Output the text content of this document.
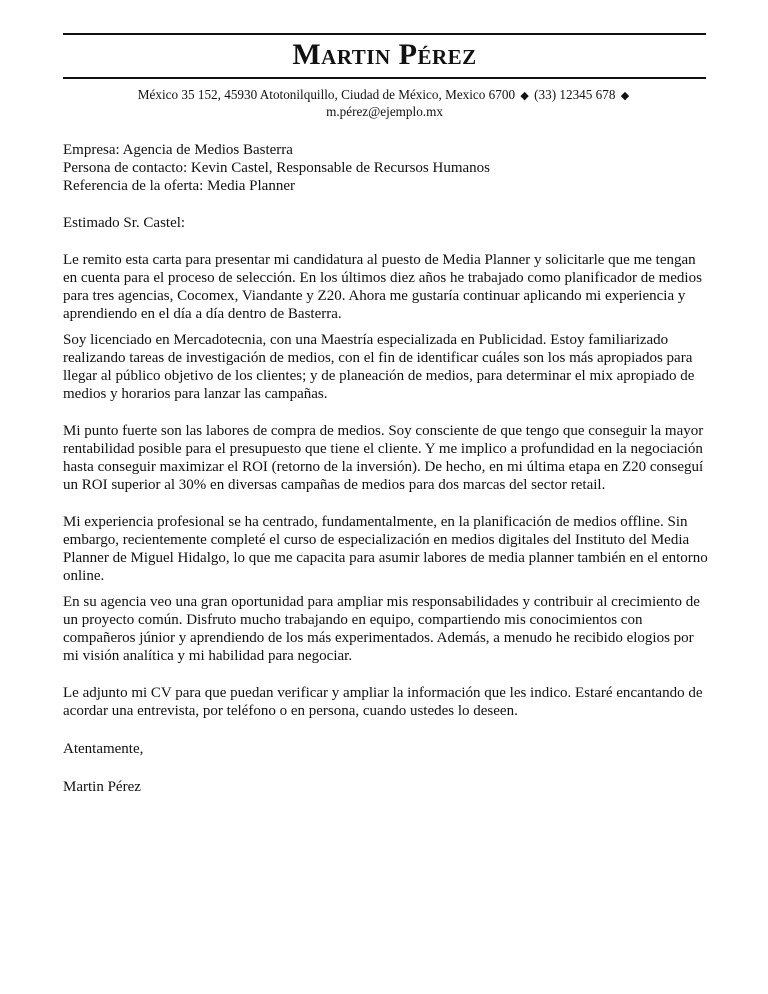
Martin Pérez
México 35 152, 45930 Atotonilquillo, Ciudad de México, Mexico 6700 ◆ (33) 12345 678 ◆
m.pérez@ejemplo.mx

Empresa: Agencia de Medios Basterra

Persona de contacto: Kevin Castel, Responsable de Recursos Humanos

Referencia de la oferta: Media Planner

Estimado Sr. Castel:

Le remito esta carta para presentar mi candidatura al puesto de Media Planner y solicitarle que me tengan en cuenta para el proceso de selección. En los últimos diez años he trabajado como planificador de medios para tres agencias, Cocomex, Viandante y Z20. Ahora me gustaría continuar aplicando mi experiencia y aprendiendo en el día a día dentro de Basterra.

Soy licenciado en Mercadotecnia, con una Maestría especializada en Publicidad. Estoy familiarizado realizando tareas de investigación de medios, con el fin de identificar cuáles son los más apropiados para llegar al público objetivo de los clientes; y de planeación de medios, para determinar el mix apropiado de medios y horarios para lanzar las campañas.

Mi punto fuerte son las labores de compra de medios. Soy consciente de que tengo que conseguir la mayor rentabilidad posible para el presupuesto que tiene el cliente. Y me implico a profundidad en la negociación hasta conseguir maximizar el ROI (retorno de la inversión). De hecho, en mi última etapa en Z20 conseguí un ROI superior al 30% en diversas campañas de medios para dos marcas del sector retail.

Mi experiencia profesional se ha centrado, fundamentalmente, en la planificación de medios offline. Sin embargo, recientemente completé el curso de especialización en medios digitales del Instituto del Media Planner de Miguel Hidalgo, lo que me capacita para asumir labores de media planner también en el entorno online.

En su agencia veo una gran oportunidad para ampliar mis responsabilidades y contribuir al crecimiento de un proyecto común. Disfruto mucho trabajando en equipo, compartiendo mis conocimientos con compañeros júnior y aprendiendo de los más experimentados. Además, a menudo he recibido elogios por mi visión analítica y mi habilidad para negociar.

Le adjunto mi CV para que puedan verificar y ampliar la información que les indico. Estaré encantando de acordar una entrevista, por teléfono o en persona, cuando ustedes lo deseen.

Atentamente,

Martin Pérez
